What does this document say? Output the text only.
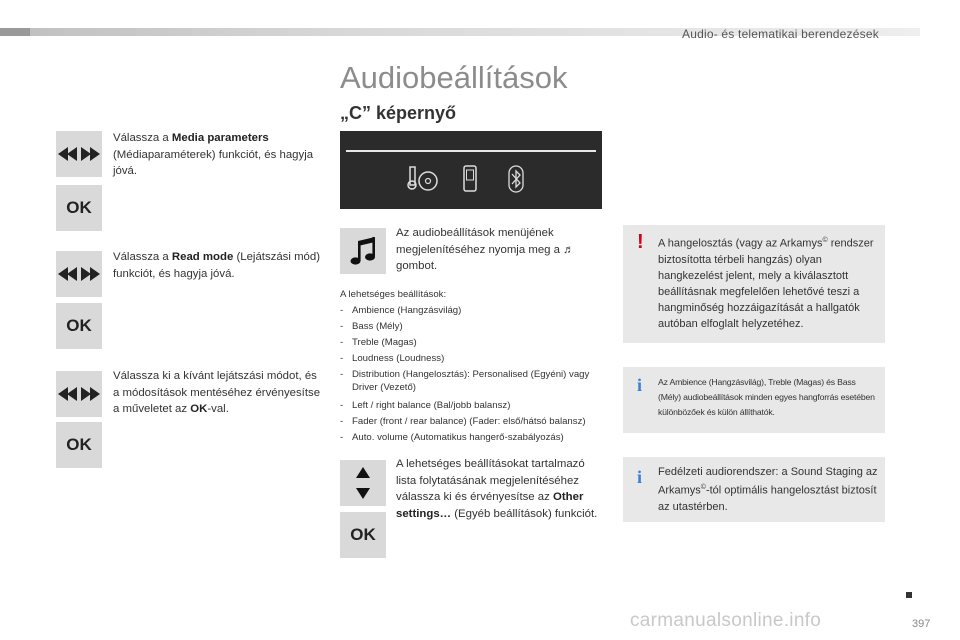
Audio- és telematikai berendezések
Audiobeállítások
„C” képernyő
Válassza a Media parameters (Médiaparaméterek) funkciót, és hagyja jóvá.
OK
Válassza a Read mode (Lejátszási mód) funkciót, és hagyja jóvá.
OK
Válassza ki a kívánt lejátszási módot, és a módosítások mentéséhez érvényesítse a műveletet az OK-val.
OK
Az audiobeállítások menüjének megjelenítéséhez nyomja meg a ♬ gombot.
A lehetséges beállítások:
- Ambience (Hangzásvilág)
- Bass (Mély)
- Treble (Magas)
- Loudness (Loudness)
- Distribution (Hangelosztás): Personalised (Egyéni) vagy Driver (Vezető)
- Left / right balance (Bal/jobb balansz)
- Fader (front / rear balance) (Fader: első/hátsó balansz)
- Auto. volume (Automatikus hangerő-szabályozás)
OK
A lehetséges beállításokat tartalmazó lista folytatásának megjelenítéséhez válassza ki és érvényesítse az Other settings… (Egyéb beállítások) funkciót.
! A hangelosztás (vagy az Arkamys© rendszer biztosította térbeli hangzás) olyan hangkezelést jelent, mely a kiválasztott beállításnak megfelelően lehetővé teszi a hangminőség hozzáigazítását a hallgatók autóban elfoglalt helyzetéhez.
i Az Ambience (Hangzásvilág), Treble (Magas) és Bass (Mély) audiobeállítások minden egyes hangforrás esetében különbözőek és külön állíthatók.
i Fedélzeti audiorendszer: a Sound Staging az Arkamys©-tól optimális hangelosztást biztosít az utastérben.
carmanualsonline.info	397
